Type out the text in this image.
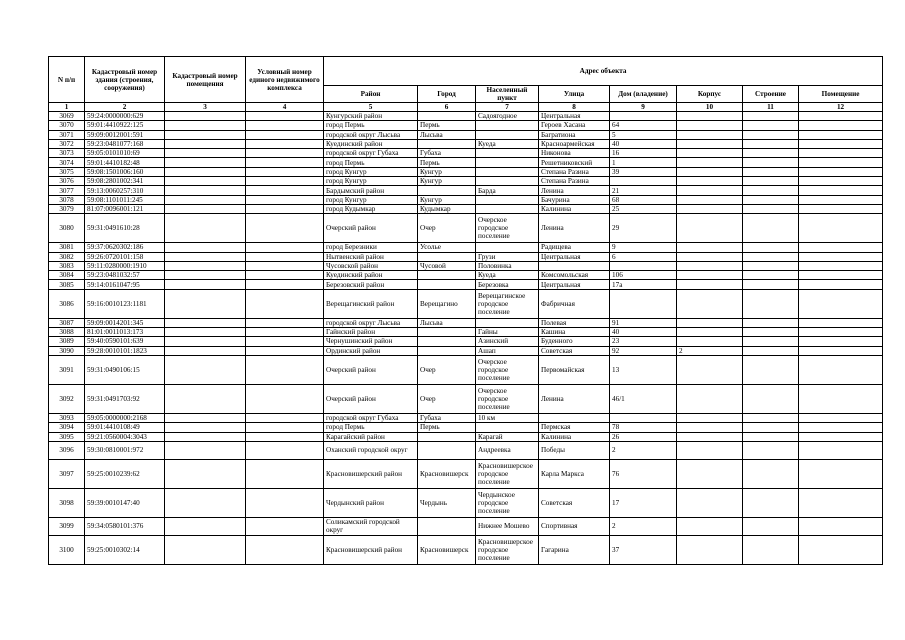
N п/п	Кадастровый номер здания (строения, сооружения)	Кадастровый номер помещения	Условный номер единого недвижимого комплекса	Адрес объекта							
				Район	Город	Населенный пункт	Улица	Дом (владение)	Корпус	Строение	Помещение
1	2	3	4	5	6	7	8	9	10	11	12
3069	59:24:0000000:629			Кунгурский район		Садоягодное	Центральная				
3070	59:01:4410922:125			город Пермь	Пермь		Героев Хасана	64			
3071	59:09:0012001:591			городской округ Лысьва	Лысьва		Багратиона	5			
3072	59:23:0481077:168			Куединский район		Куеда	Красноармейская	40			
3073	59:05:0101010:69			городской округ Губаха	Губаха		Никонова	16			
3074	59:01:4410182:48			город Пермь	Пермь		Решетниковский	1			
3075	59:08:1501006:160			город Кунгур	Кунгур		Степана Разина	39			
3076	59:08:2801002:341			город Кунгур	Кунгур		Степана Разина				
3077	59:13:0060257:310			Бардымский район		Барда	Ленина	21			
3078	59:08:1101011:245			город Кунгур	Кунгур		Бачурина	68			
3079	81:07:0096001:121			город Кудымкар	Кудымкар		Калинина	25			
3080	59:31:0491610:28			Очерский район	Очер	Очерское городское поселение	Ленина	29			
3081	59:37:0620302:186			город Березники	Усолье		Радищева	9			
3082	59:26:0720101:158			Нытвенский район		Грузи	Центральная	6			
3083	59:11:0280000:1910			Чусовской район	Чусовой	Половинка					
3084	59:23:0481032:57			Куединский район		Куеда	Комсомольская	106			
3085	59:14:0161047:95			Березовский район		Березовка	Центральная	17а			
3086	59:16:0010123:1181			Верещагинский район	Верещагино	Верещагинское городское поселение	Фабричная				
3087	59:09:0014201:345			городской округ Лысьва	Лысьва		Полевая	91			
3088	81:01:0011013:173			Гайнский район		Гайны	Кашина	40			
3089	59:40:0590101:639			Чернушинский район		Азинский	Буденного	23			
3090	59:28:0010101:1823			Ординский район		Ашап	Советская	92	2		
3091	59:31:0490106:15			Очерский район	Очер	Очерское городское поселение	Первомайская	13			
3092	59:31:0491703:92			Очерский район	Очер	Очерское городское поселение	Ленина	46/1			
3093	59:05:0000000:2168			городской округ Губаха	Губаха	10 км					
3094	59:01:4410108:49			город Пермь	Пермь		Пермская	78			
3095	59:21:0560004:3043			Карагайский район		Карагай	Калинина	26			
3096	59:30:0810001:972			Оханский городской округ		Андреевка	Победы	2			
3097	59:25:0010239:62			Красновишерский район	Красновишерск	Красновишерское городское поселение	Карла Маркса	76			
3098	59:39:0010147:40			Чердынский район	Чердынь	Чердынское городское поселение	Советская	17			
3099	59:34:0580101:376			Соликамский городской округ		Нижнее Мошево	Спортивная	2			
3100	59:25:0010302:14			Красновишерский район	Красновишерск	Красновишерское городское поселение	Гагарина	37			
